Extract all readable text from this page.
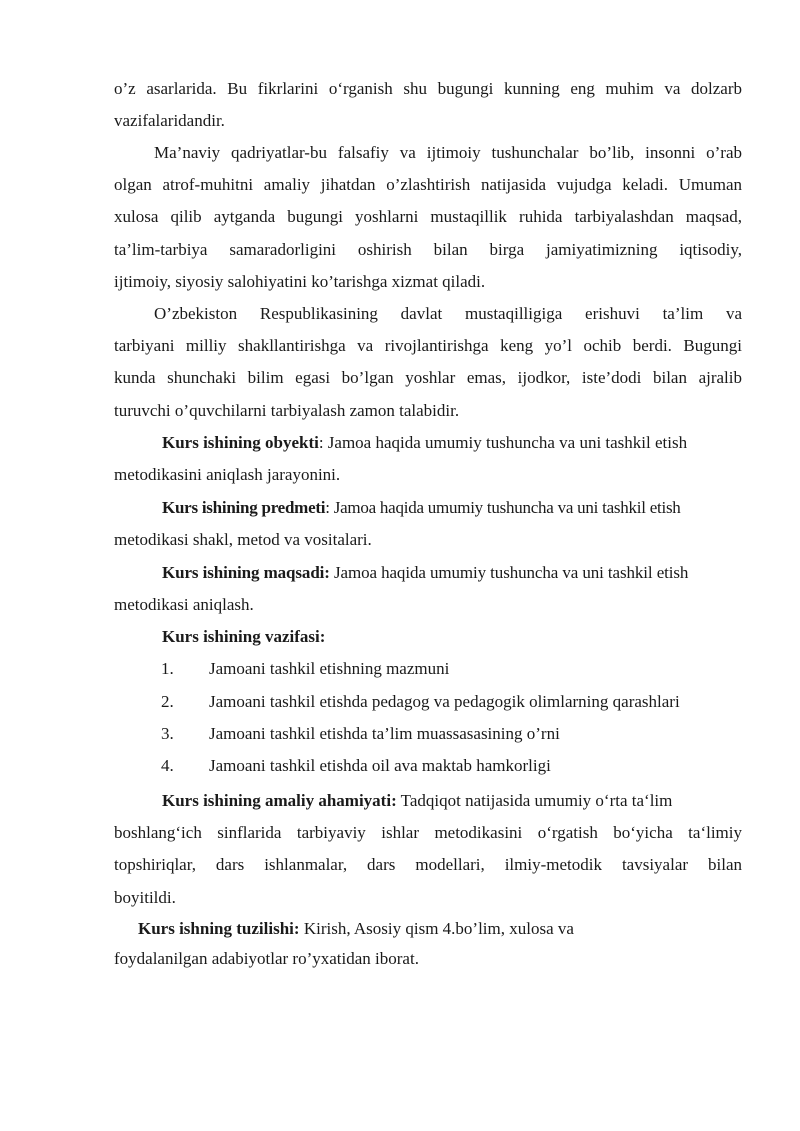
o’z asarlarida. Bu fikrlarini o‘rganish shu bugungi kunning eng muhim va dolzarb
vazifalaridandir.
Ma’naviy qadriyatlar-bu falsafiy va ijtimoiy tushunchalar bo’lib, insonni o’rab
olgan atrof-muhitni amaliy jihatdan o’zlashtirish natijasida vujudga keladi. Umuman
xulosa qilib aytganda bugungi yoshlarni mustaqillik ruhida tarbiyalashdan maqsad,
ta’lim-tarbiya samaradorligini oshirish bilan birga jamiyatimizning iqtisodiy,
ijtimoiy, siyosiy salohiyatini ko’tarishga xizmat qiladi.
O’zbekiston Respublikasining davlat mustaqilligiga erishuvi ta’lim va
tarbiyani milliy shakllantirishga va rivojlantirishga keng yo’l ochib berdi. Bugungi
kunda shunchaki bilim egasi bo’lgan yoshlar emas, ijodkor, iste’dodi bilan ajralib
turuvchi o’quvchilarni tarbiyalash zamon talabidir.
Kurs ishining obyekti: Jamoa haqida umumiy tushuncha va uni tashkil etish
metodikasini aniqlash jarayonini.
Kurs ishining predmeti: Jamoa haqida umumiy tushuncha va uni tashkil etish
metodikasi shakl, metod va vositalari.
Kurs ishining maqsadi: Jamoa haqida umumiy tushuncha va uni tashkil etish
metodikasi aniqlash.
Kurs ishining vazifasi:
1. Jamoani tashkil etishning mazmuni
2. Jamoani tashkil etishda pedagog va pedagogik olimlarning qarashlari
3. Jamoani tashkil etishda ta’lim muassasasining o’rni
4. Jamoani tashkil etishda oil ava maktab hamkorligi
Kurs ishining amaliy ahamiyati: Tadqiqot natijasida umumiy o‘rta ta‘lim
boshlang‘ich sinflarida tarbiyaviy ishlar metodikasini o‘rgatish bo‘yicha ta‘limiy
topshiriqlar, dars ishlanmalar, dars modellari, ilmiy-metodik tavsiyalar bilan
boyitildi.
Kurs ishning tuzilishi: Kirish, Asosiy qism 4.bo’lim, xulosa va
foydalanilgan adabiyotlar ro’yxatidan iborat.
